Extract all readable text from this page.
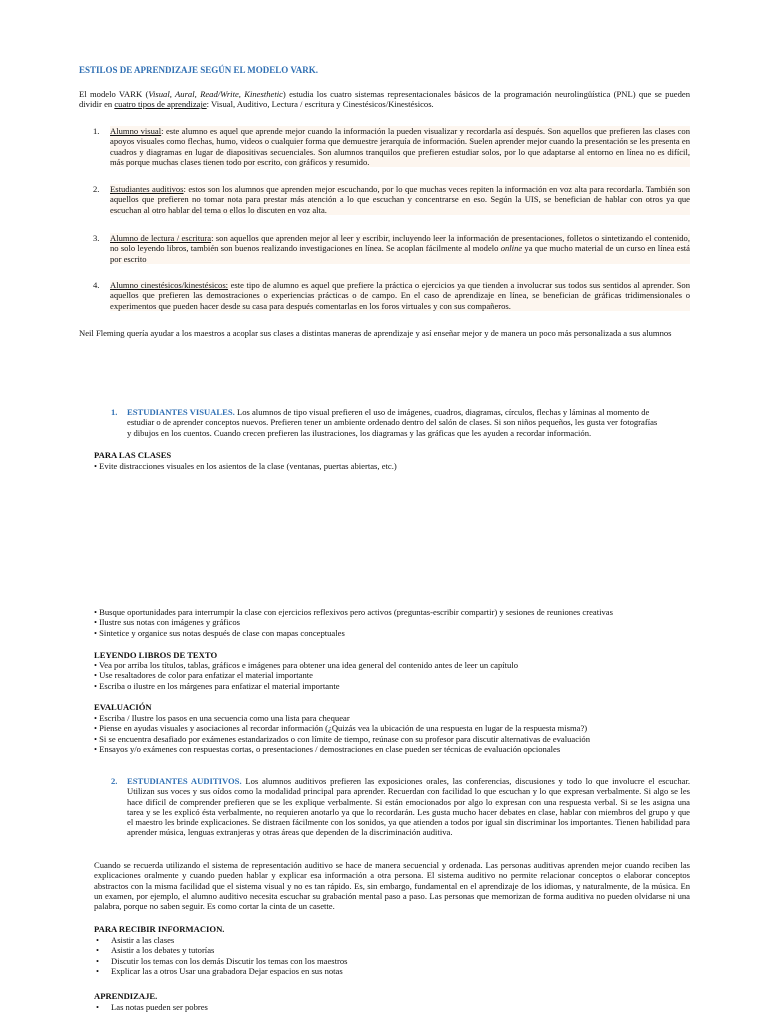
ESTILOS DE APRENDIZAJE SEGÚN EL MODELO VARK.
El modelo VARK (Visual, Aural, Read/Write, Kinesthetic) estudia los cuatro sistemas representacionales básicos de la programación neurolingüística (PNL) que se pueden dividir en cuatro tipos de aprendizaje: Visual, Auditivo, Lectura / escritura y Cinestésicos/Kinestésicos.
1. Alumno visual: este alumno es aquel que aprende mejor cuando la información la pueden visualizar y recordarla así después. Son aquellos que prefieren las clases con apoyos visuales como flechas, humo, videos o cualquier forma que demuestre jerarquía de información. Suelen aprender mejor cuando la presentación se les presenta en cuadros y diagramas en lugar de diapositivas secuenciales. Son alumnos tranquilos que prefieren estudiar solos, por lo que adaptarse al entorno en línea no es difícil, más porque muchas clases tienen todo por escrito, con gráficos y resumido.
2. Estudiantes auditivos: estos son los alumnos que aprenden mejor escuchando, por lo que muchas veces repiten la información en voz alta para recordarla. También son aquellos que prefieren no tomar nota para prestar más atención a lo que escuchan y concentrarse en eso. Según la UIS, se benefician de hablar con otros ya que escuchan al otro hablar del tema o ellos lo discuten en voz alta.
3. Alumno de lectura / escritura: son aquellos que aprenden mejor al leer y escribir, incluyendo leer la información de presentaciones, folletos o sintetizando el contenido, no solo leyendo libros, también son buenos realizando investigaciones en línea. Se acoplan fácilmente al modelo online ya que mucho material de un curso en línea está por escrito
4. Alumno cinestésicos/kinestésicos: este tipo de alumno es aquel que prefiere la práctica o ejercicios ya que tienden a involucrar sus todos sus sentidos al aprender. Son aquellos que prefieren las demostraciones o experiencias prácticas o de campo. En el caso de aprendizaje en línea, se benefician de gráficas tridimensionales o experimentos que pueden hacer desde su casa para después comentarlas en los foros virtuales y con sus compañeros.
Neil Fleming quería ayudar a los maestros a acoplar sus clases a distintas maneras de aprendizaje y así enseñar mejor y de manera un poco más personalizada a sus alumnos
1. ESTUDIANTES VISUALES. Los alumnos de tipo visual prefieren el uso de imágenes, cuadros, diagramas, círculos, flechas y láminas al momento de
estudiar o de aprender conceptos nuevos. Prefieren tener un ambiente ordenado dentro del salón de clases. Si son niños pequeños, les gusta ver fotografías
y dibujos en los cuentos. Cuando crecen prefieren las ilustraciones, los diagramas y las gráficas que les ayuden a recordar información.
PARA LAS CLASES
• Evite distracciones visuales en los asientos de la clase (ventanas, puertas abiertas, etc.)
• Busque oportunidades para interrumpir la clase con ejercicios reflexivos pero activos (preguntas-escribir compartir) y sesiones de reuniones creativas
• Ilustre sus notas con imágenes y gráficos
• Sintetice y organice sus notas después de clase con mapas conceptuales
LEYENDO LIBROS DE TEXTO
• Vea por arriba los títulos, tablas, gráficos e imágenes para obtener una idea general del contenido antes de leer un capítulo
• Use resaltadores de color para enfatizar el material importante
• Escriba o ilustre en los márgenes para enfatizar el material importante
EVALUACIÓN
• Escriba / Ilustre los pasos en una secuencia como una lista para chequear
• Piense en ayudas visuales y asociaciones al recordar información (¿Quizás vea la ubicación de una respuesta en lugar de la respuesta misma?)
• Si se encuentra desafiado por exámenes estandarizados o con límite de tiempo, reúnase con su profesor para discutir alternativas de evaluación
• Ensayos y/o exámenes con respuestas cortas, o presentaciones / demostraciones en clase pueden ser técnicas de evaluación opcionales
2. ESTUDIANTES AUDITIVOS. Los alumnos auditivos prefieren las exposiciones orales, las conferencias, discusiones y todo lo que involucre el escuchar. Utilizan sus voces y sus oídos como la modalidad principal para aprender. Recuerdan con facilidad lo que escuchan y lo que expresan verbalmente. Si algo se les hace difícil de comprender prefieren que se les explique verbalmente. Si están emocionados por algo lo expresan con una respuesta verbal. Si se les asigna una tarea y se les explicó ésta verbalmente, no requieren anotarlo ya que lo recordarán. Les gusta mucho hacer debates en clase, hablar con miembros del grupo y que el maestro les brinde explicaciones. Se distraen fácilmente con los sonidos, ya que atienden a todos por igual sin discriminar los importantes. Tienen habilidad para aprender música, lenguas extranjeras y otras áreas que dependen de la discriminación auditiva.
Cuando se recuerda utilizando el sistema de representación auditivo se hace de manera secuencial y ordenada. Las personas auditivas aprenden mejor cuando reciben las explicaciones oralmente y cuando pueden hablar y explicar esa información a otra persona. El sistema auditivo no permite relacionar conceptos o elaborar conceptos abstractos con la misma facilidad que el sistema visual y no es tan rápido. Es, sin embargo, fundamental en el aprendizaje de los idiomas, y naturalmente, de la música. En un examen, por ejemplo, el alumno auditivo necesita escuchar su grabación mental paso a paso. Las personas que memorizan de forma auditiva no pueden olvidarse ni una palabra, porque no saben seguir. Es como cortar la cinta de un casette.
PARA RECIBIR INFORMACION.
• Asistir a las clases
• Asistir a los debates y tutorías
• Discutir los temas con los demás Discutir los temas con los maestros
• Explicar las a otros Usar una grabadora Dejar espacios en sus notas
APRENDIZAJE.
• Las notas pueden ser pobres
